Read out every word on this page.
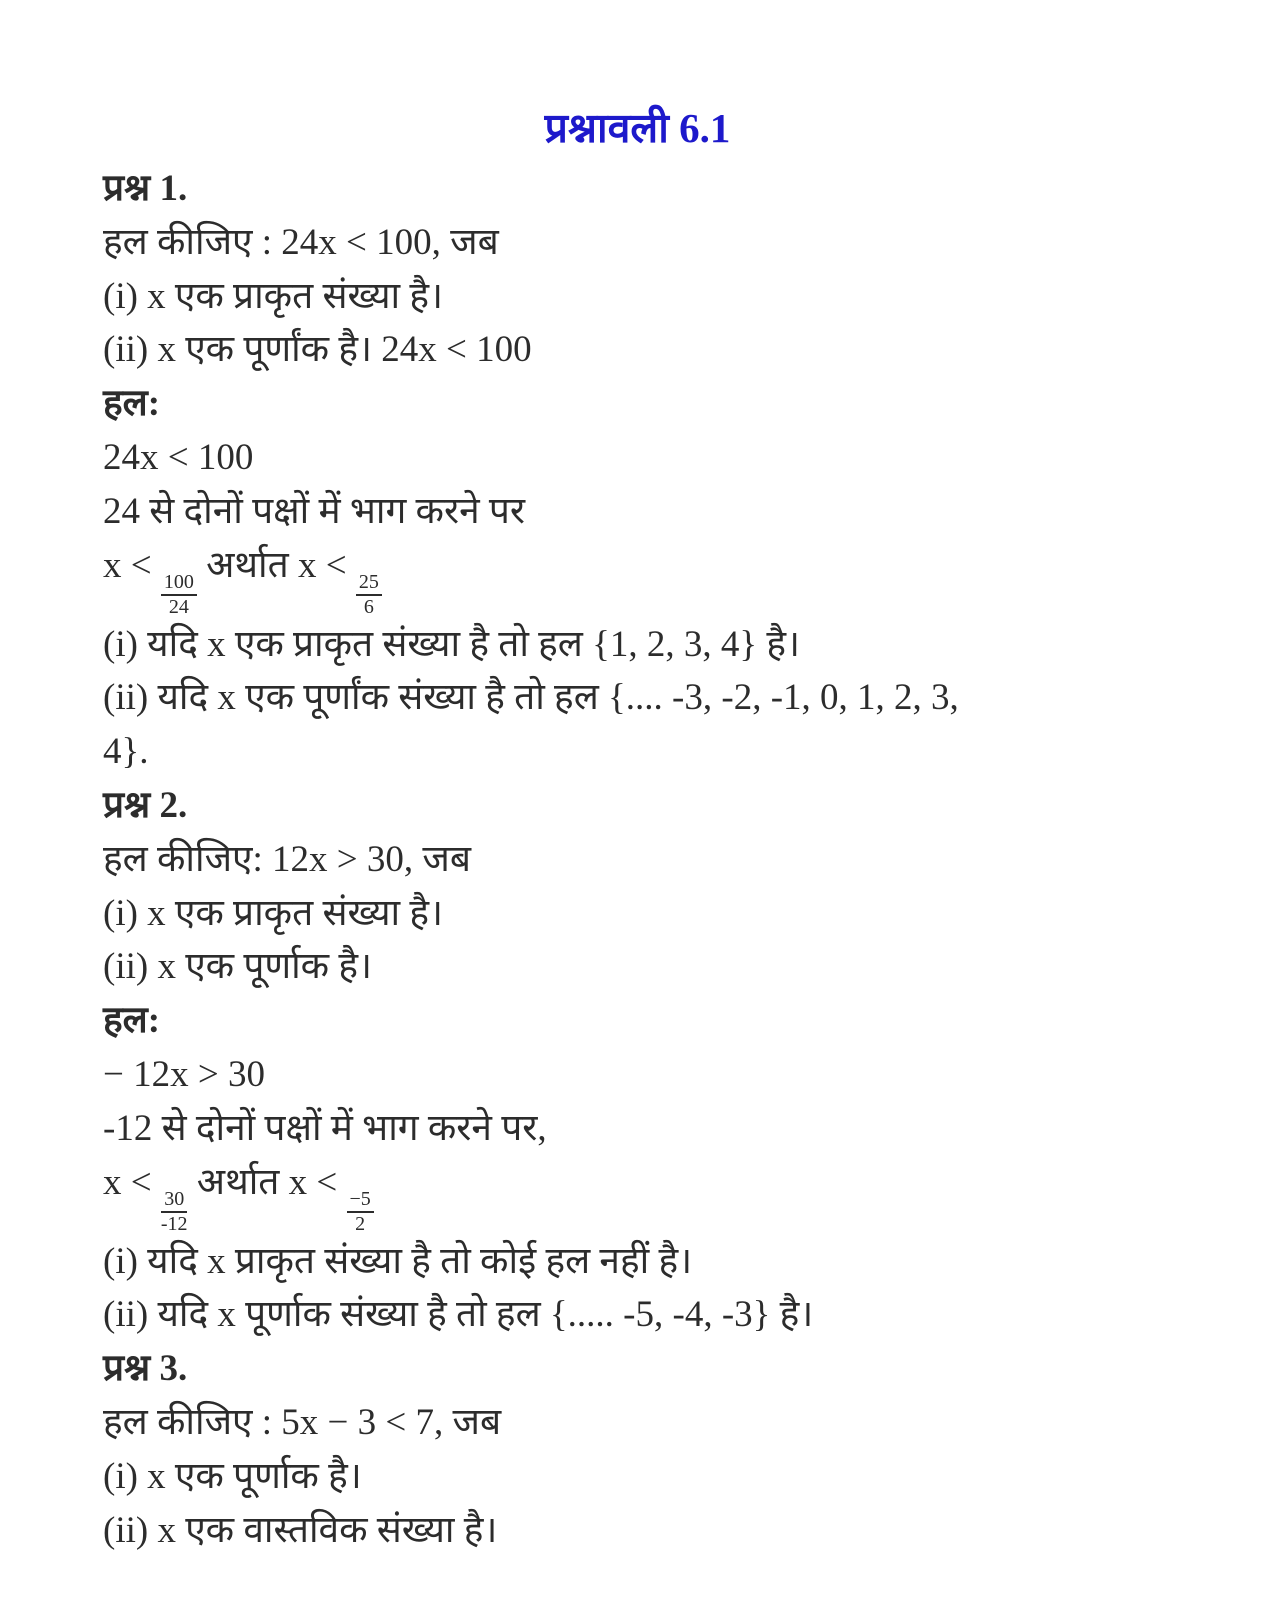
प्रश्नावली 6.1
प्रश्न 1.
हल कीजिए : 24x < 100, जब
(i) x एक प्राकृत संख्या है।
(ii) x एक पूर्णांक है। 24x < 100
हल:
24x < 100
24 से दोनों पक्षों में भाग करने पर
x <
$\frac{100}{24}$
अर्थात x <
$\frac{25}{6}$
(i) यदि x एक प्राकृत संख्या है तो हल {1, 2, 3, 4} है।
(ii) यदि x एक पूर्णांक संख्या है तो हल {.... -3, -2, -1, 0, 1, 2, 3,
4}.
प्रश्न 2.
हल कीजिए: 12x > 30, जब
(i) x एक प्राकृत संख्या है।
(ii) x एक पूर्णाक है।
हल:
− 12x > 30
-12 से दोनों पक्षों में भाग करने पर,
x <
$\frac{30}{-12}$
अर्थात x <
$\frac{-5}{2}$
(i) यदि x प्राकृत संख्या है तो कोई हल नहीं है।
(ii) यदि x पूर्णाक संख्या है तो हल {..... -5, -4, -3} है।
प्रश्न 3.
हल कीजिए : 5x − 3 < 7, जब
(i) x एक पूर्णाक है।
(ii) x एक वास्तविक संख्या है।
